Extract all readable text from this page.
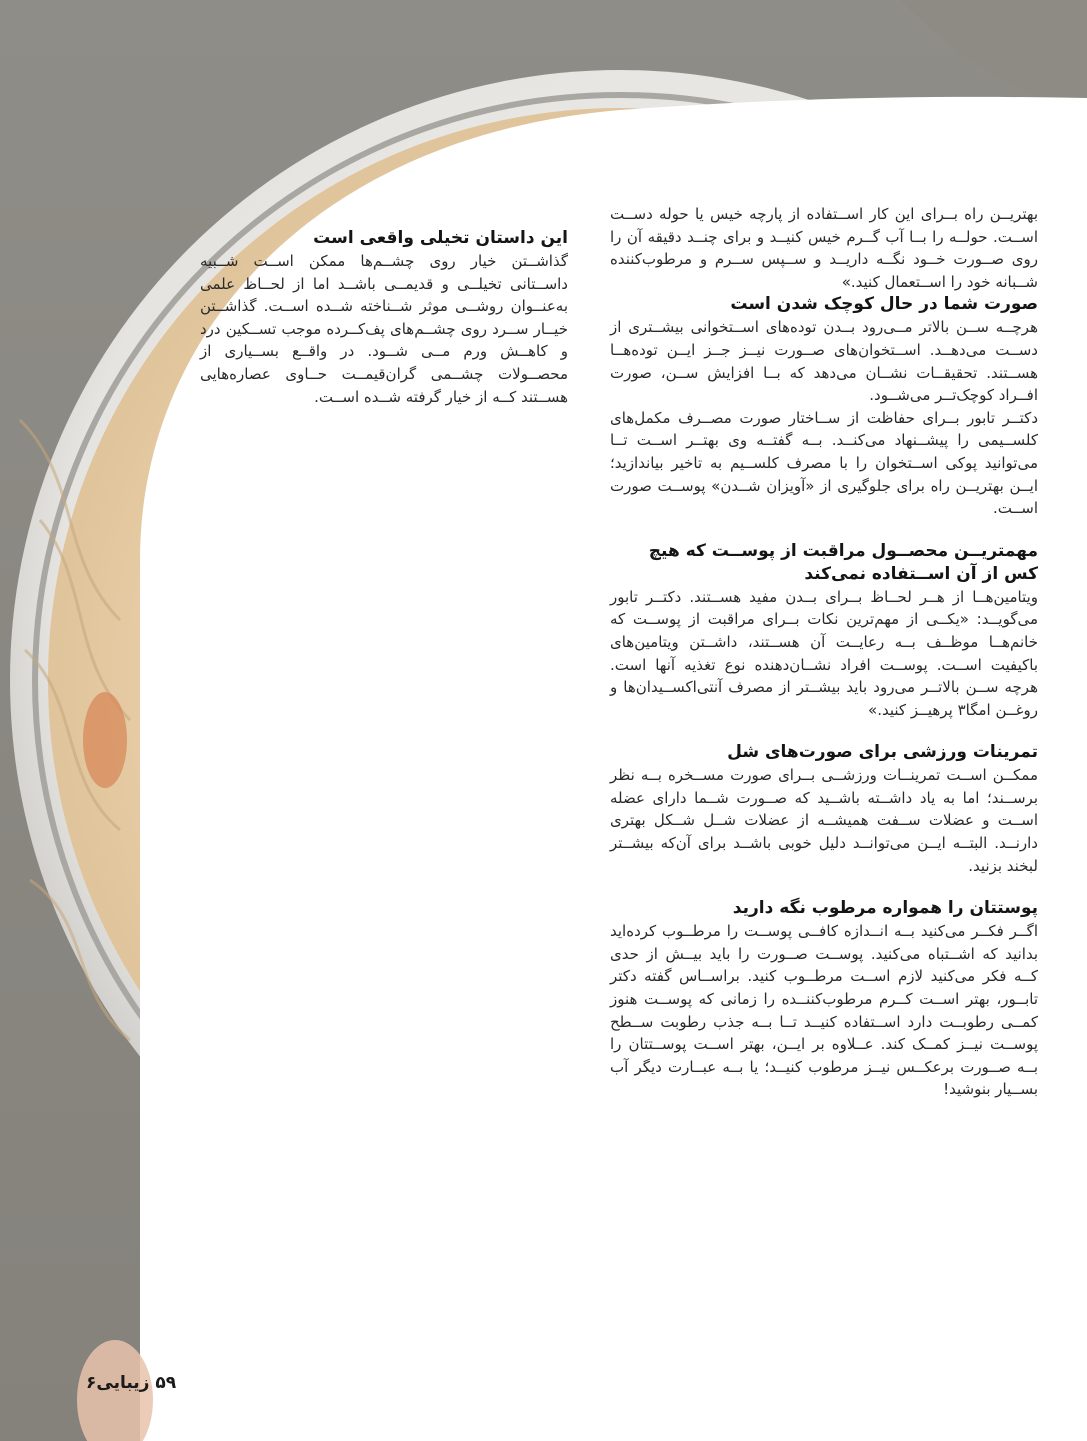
بهتریــن راه بــرای این کار اســتفاده از پارچه خیس یا حوله دســت اســت. حولــه را بــا آب گــرم خیس کنیــد و برای چنــد دقیقه آن را روی صــورت خــود نگــه داریــد و ســپس ســرم و مرطوب‌کننده شــبانه خود را اســتعمال کنید.»

صورت شما در حال کوچک شدن است

هرچــه ســن بالاتر مــی‌رود بــدن توده‌های اســتخوانی بیشــتری از دســت می‌دهــد. اســتخوان‌های صــورت نیــز جــز ایــن توده‌هــا هســتند. تحقیقــات نشــان می‌دهد که بــا افزایش ســن، صورت افــراد کوچک‌تــر می‌شــود.

دکتــر تابور بــرای حفاظت از ســاختار صورت مصــرف مکمل‌های کلســیمی را پیشــنهاد می‌کنــد. بــه گفتــه وی بهتــر اســت تــا می‌توانید پوکی اســتخوان را با مصرف کلســیم به تاخیر بیاندازید؛ ایــن بهتریــن راه برای جلوگیری از «آویزان شــدن» پوســت صورت اســت.

مهمتریــن محصــول مراقبت از پوســت که هیچ کس از آن اســتفاده نمی‌کند

ویتامین‌هــا از هــر لحــاظ بــرای بــدن مفید هســتند. دکتــر تابور می‌گویــد: «یکــی از مهم‌ترین نکات بــرای مراقبت از پوســت که خانم‌هــا موظــف بــه رعایــت آن هســتند، داشــتن ویتامین‌های باکیفیت اســت. پوســت افراد نشــان‌دهنده نوع تغذیه آنها است. هرچه ســن بالاتــر می‌رود باید بیشــتر از مصرف آنتی‌اکســیدان‌ها و روغــن امگا۳ پرهیــز کنید.»

تمرینات ورزشی برای صورت‌های شل

ممکــن اســت تمرینــات ورزشــی بــرای صورت مســخره بــه نظر برســند؛ اما به یاد داشــته باشــید که صــورت شــما دارای عضله اســت و عضلات ســفت همیشــه از عضلات شــل شــکل بهتری دارنــد. البتــه ایــن می‌توانــد دلیل خوبی باشــد برای آن‌که بیشــتر لبخند بزنید.

پوستتان را همواره مرطوب نگه دارید

اگــر فکــر می‌کنید بــه انــدازه کافــی پوســت را مرطــوب کرده‌اید بدانید که اشــتباه می‌کنید. پوســت صــورت را باید بیــش از حدی کــه فکر می‌کنید لازم اســت مرطــوب کنید. براســاس گفته دکتر تابــور، بهتر اســت کــرم مرطوب‌کننــده را زمانی که پوســت هنوز کمــی رطوبــت دارد اســتفاده کنیــد تــا بــه جذب رطوبت ســطح پوســت نیــز کمــک کند. عــلاوه بر ایــن، بهتر اســت پوســتتان را بــه صــورت برعکــس نیــز مرطوب کنیــد؛ یا بــه عبــارت دیگر آب بســیار بنوشید!

این داستان تخیلی واقعی است

گذاشــتن خیار روی چشــم‌ها ممکن اســت شــبیه داســتانی تخیلــی و قدیمــی باشــد اما از لحــاظ علمی به‌عنــوان روشــی موثر شــناخته شــده اســت. گذاشــتن خیــار ســرد روی چشــم‌های پف‌کــرده موجب تســکین درد و کاهــش ورم مــی شــود. در واقــع بســیاری از محصــولات چشــمی گران‌قیمــت حــاوی عصاره‌هایی هســتند کــه از خیار گرفته شــده اســت.

۵۹ زیبایی۶
